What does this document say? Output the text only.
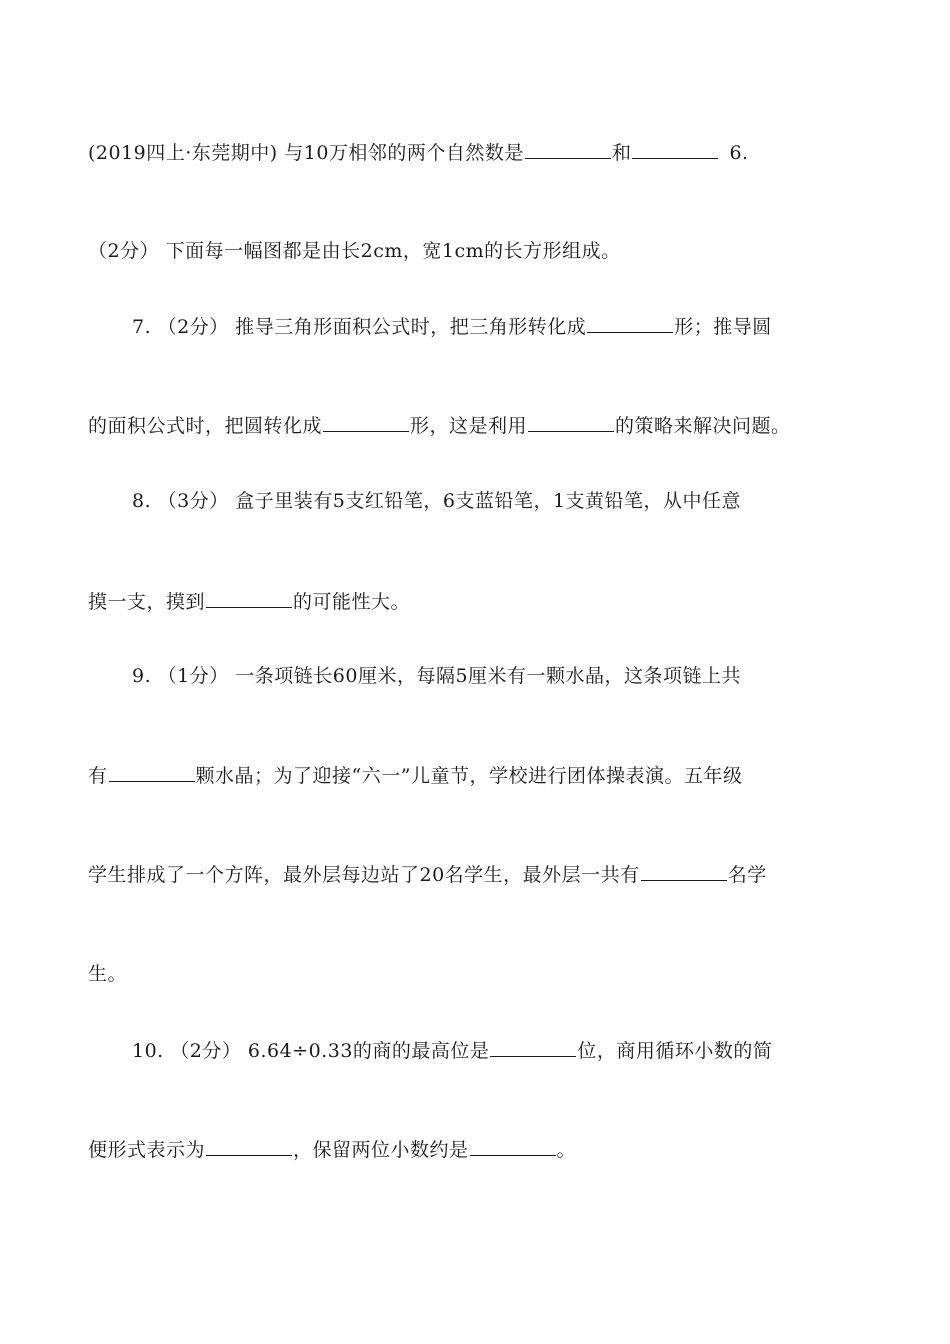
(2019四上·东莞期中) 与10万相邻的两个自然数是	和	6.
（2分） 下面每一幅图都是由长2cm，宽1cm的长方形组成。
7. （2分） 推导三角形面积公式时，把三角形转化成	形；推导圆
的面积公式时，把圆转化成	形，这是利用	的策略来解决问题。
8. （3分） 盒子里装有5支红铅笔，6支蓝铅笔，1支黄铅笔，从中任意
摸一支，摸到	的可能性大。
9. （1分） 一条项链长60厘米，每隔5厘米有一颗水晶，这条项链上共
有	颗水晶；为了迎接“六一”儿童节，学校进行团体操表演。五年级
学生排成了一个方阵，最外层每边站了20名学生，最外层一共有	名学
生。
10. （2分） 6.64÷0.33的商的最高位是	位，商用循环小数的简
便形式表示为	，保留两位小数约是	。
